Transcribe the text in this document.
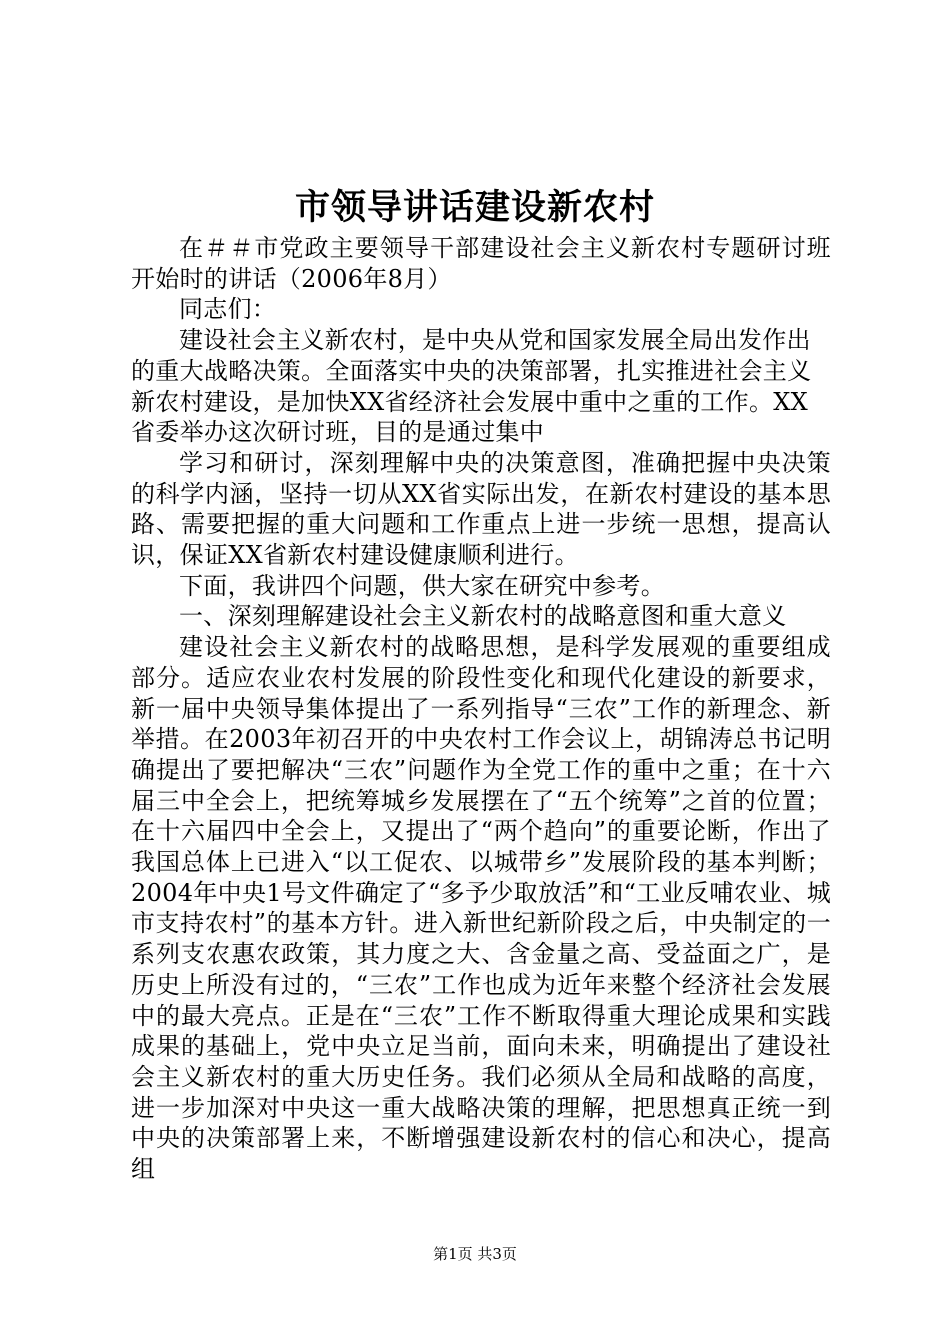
市领导讲话建设新农村

在＃＃市党政主要领导干部建设社会主义新农村专题研讨班开始时的讲话（2006年8月）

同志们：

建设社会主义新农村，是中央从党和国家发展全局出发作出的重大战略决策。全面落实中央的决策部署，扎实推进社会主义新农村建设，是加快XX省经济社会发展中重中之重的工作。XX省委举办这次研讨班，目的是通过集中

学习和研讨，深刻理解中央的决策意图，准确把握中央决策的科学内涵，坚持一切从XX省实际出发，在新农村建设的基本思路、需要把握的重大问题和工作重点上进一步统一思想，提高认识，保证XX省新农村建设健康顺利进行。

下面，我讲四个问题，供大家在研究中参考。

一、深刻理解建设社会主义新农村的战略意图和重大意义

建设社会主义新农村的战略思想，是科学发展观的重要组成部分。适应农业农村发展的阶段性变化和现代化建设的新要求，新一届中央领导集体提出了一系列指导“三农”工作的新理念、新举措。在2003年初召开的中央农村工作会议上，胡锦涛总书记明确提出了要把解决“三农”问题作为全党工作的重中之重；在十六届三中全会上，把统筹城乡发展摆在了“五个统筹”之首的位置；在十六届四中全会上，又提出了“两个趋向”的重要论断，作出了我国总体上已进入“以工促农、以城带乡”发展阶段的基本判断；2004年中央1号文件确定了“多予少取放活”和“工业反哺农业、城市支持农村”的基本方针。进入新世纪新阶段之后，中央制定的一系列支农惠农政策，其力度之大、含金量之高、受益面之广，是历史上所没有过的，“三农”工作也成为近年来整个经济社会发展中的最大亮点。正是在“三农”工作不断取得重大理论成果和实践成果的基础上，党中央立足当前，面向未来，明确提出了建设社会主义新农村的重大历史任务。我们必须从全局和战略的高度，进一步加深对中央这一重大战略决策的理解，把思想真正统一到中央的决策部署上来，不断增强建设新农村的信心和决心，提高组

第1页 共3页
